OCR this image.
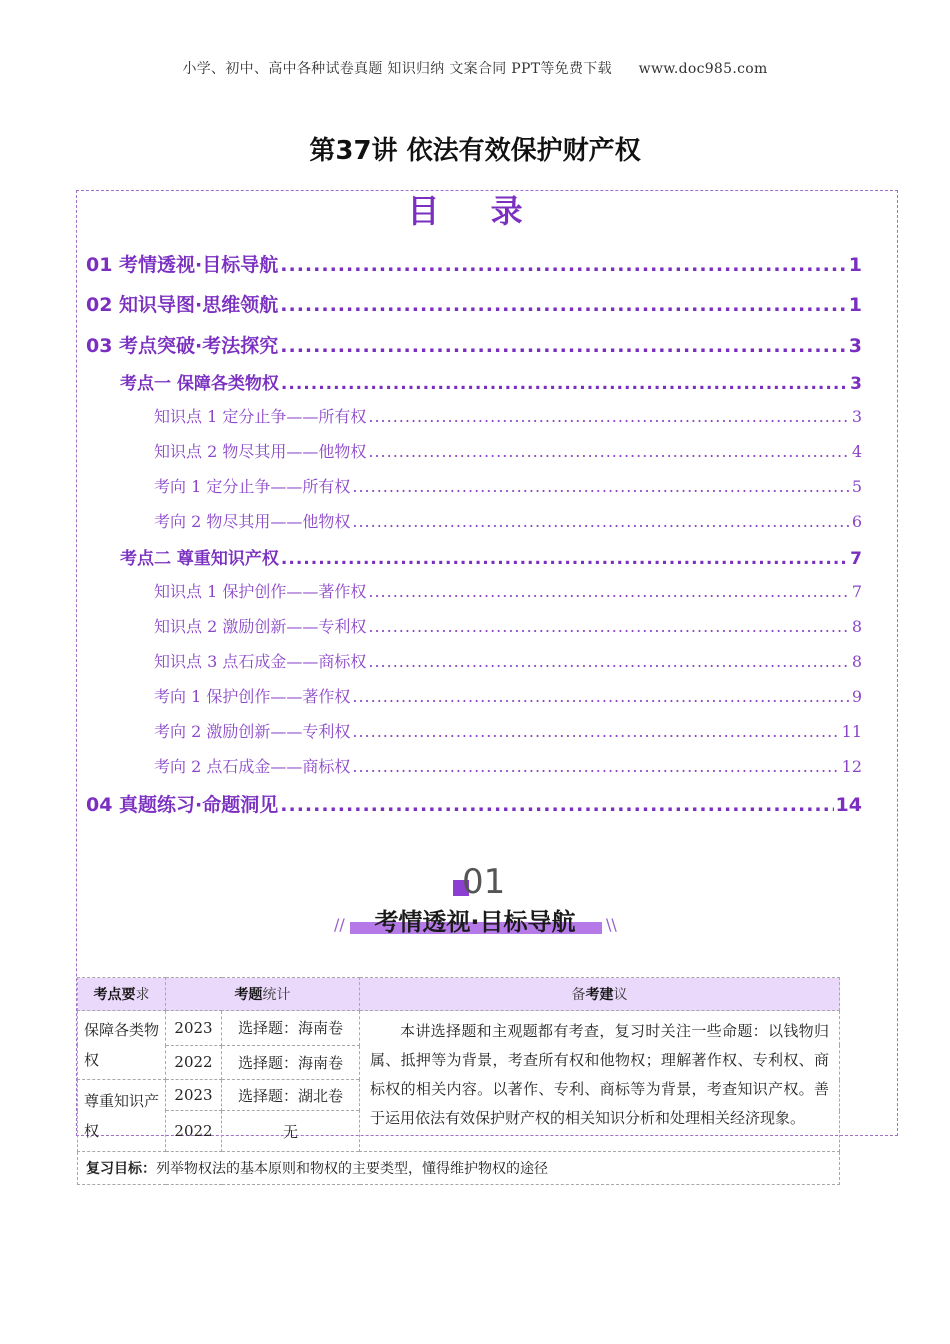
小学、初中、高中各种试卷真题 知识归纳 文案合同 PPT等免费下载 www.doc985.com
第37讲 依法有效保护财产权
目 录
01 考情透视·目标导航 .....	1
02 知识导图·思维领航 .....	1
03 考点突破·考法探究 .....	3
考点一 保障各类物权 .....	3
知识点 1 定分止争——所有权 .....	3
知识点 2 物尽其用——他物权 .....	4
考向 1 定分止争——所有权 .....	5
考向 2 物尽其用——他物权 .....	6
考点二 尊重知识产权 .....	7
知识点 1 保护创作——著作权 .....	7
知识点 2 激励创新——专利权 .....	8
知识点 3 点石成金——商标权 .....	8
考向 1 保护创作——著作权 .....	9
考向 2 激励创新——专利权 .....	11
考向 2 点石成金——商标权 .....	12
04 真题练习·命题洞见 .....	14
01
//	\\
考情透视·目标导航
考点要求	考题统计		备考建议
保障各类物权	2023	选择题：海南卷	本讲选择题和主观题都有考查，复习时关注一些命题：以钱物归属、抵押等为背景，考查所有权和他物权；理解著作权、专利权、商标权的相关内容。以著作、专利、商标等为背景，考查知识产权。善于运用依法有效保护财产权的相关知识分析和处理相关经济现象。
	2022	选择题：海南卷	
尊重知识产权	2023	选择题：湖北卷	
	2022	无	
复习目标：列举物权法的基本原则和物权的主要类型，懂得维护物权的途径			
